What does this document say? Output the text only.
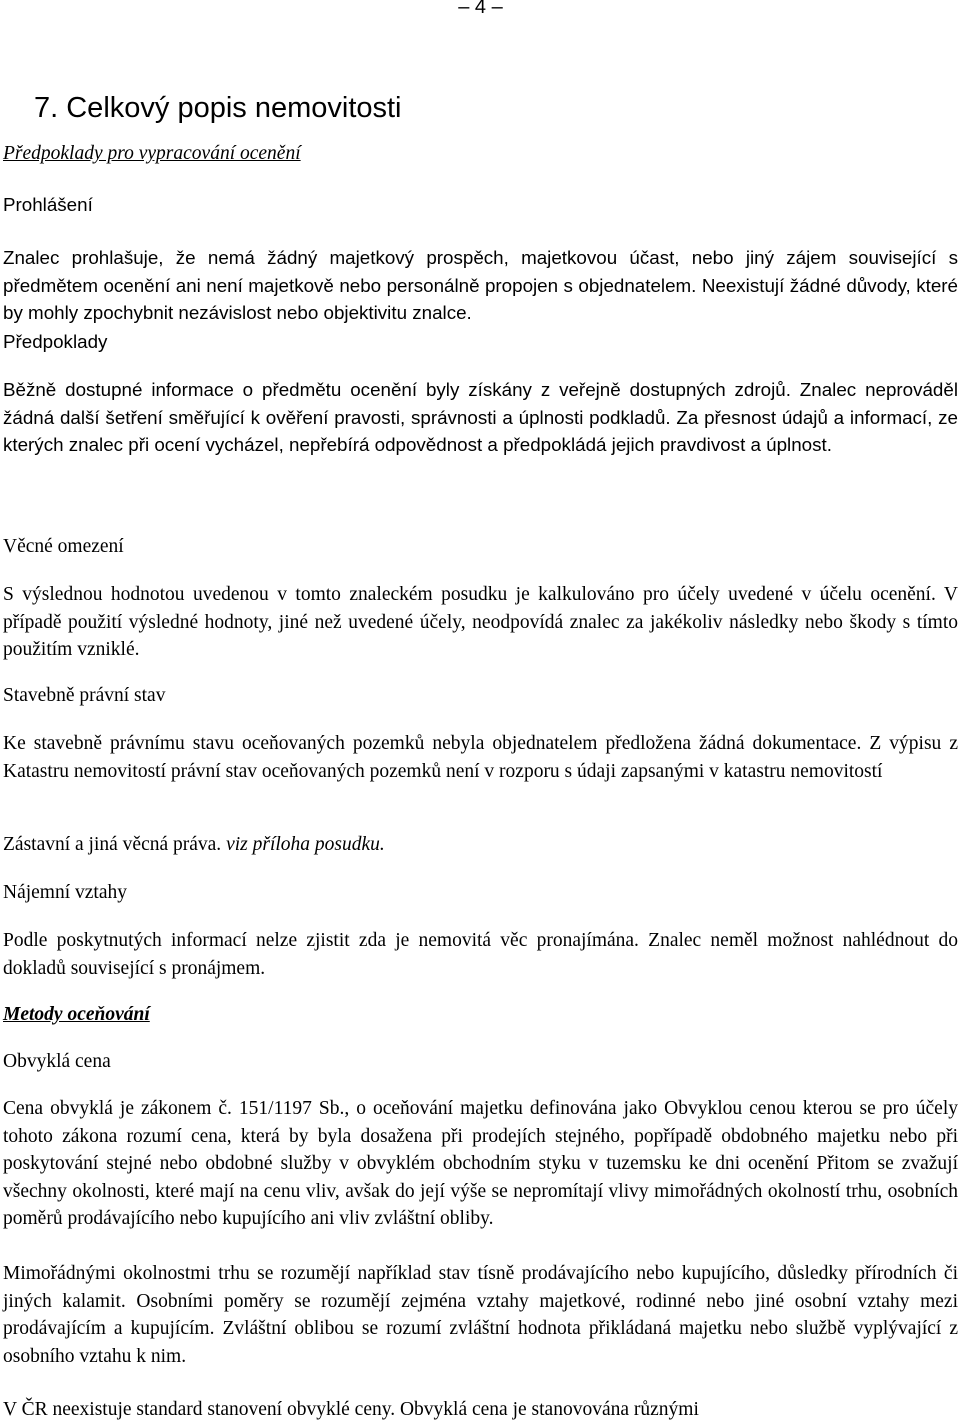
– 4 –
7. Celkový popis nemovitosti

Předpoklady pro vypracování ocenění

Prohlášení

Znalec prohlašuje, že nemá žádný majetkový prospěch, majetkovou účast, nebo jiný zájem související s předmětem ocenění ani není majetkově nebo personálně propojen s objednatelem. Neexistují žádné důvody, které by mohly zpochybnit nezávislost nebo objektivitu znalce.

Předpoklady

Běžně dostupné informace o předmětu ocenění byly získány z veřejně dostupných zdrojů. Znalec neprováděl žádná další šetření směřující k ověření pravosti, správnosti a úplnosti podkladů. Za přesnost údajů a informací, ze kterých znalec při ocení vycházel, nepřebírá odpovědnost a předpokládá jejich pravdivost a úplnost.

Věcné omezení

S výslednou hodnotou uvedenou v tomto znaleckém posudku je kalkulováno pro účely uvedené v účelu ocenění. V případě použití výsledné hodnoty, jiné než uvedené účely, neodpovídá znalec za jakékoliv následky nebo škody s tímto použitím vzniklé.

Stavebně právní stav

Ke stavebně právnímu stavu oceňovaných pozemků nebyla objednatelem předložena žádná dokumentace. Z výpisu z Katastru nemovitostí právní stav oceňovaných pozemků není v rozporu s údaji zapsanými v katastru nemovitostí

Zástavní a jiná věcná práva. viz příloha posudku.

Nájemní vztahy

Podle poskytnutých informací nelze zjistit zda je nemovitá věc pronajímána. Znalec neměl možnost nahlédnout do dokladů související s pronájmem.

Metody oceňování

Obvyklá cena

Cena obvyklá je zákonem č. 151/1197 Sb., o oceňování majetku definována jako Obvyklou cenou kterou se pro účely tohoto zákona rozumí cena, která by byla dosažena při prodejích stejného, popřípadě obdobného majetku nebo při poskytování stejné nebo obdobné služby v obvyklém obchodním styku v tuzemsku ke dni ocenění Přitom se zvažují všechny okolnosti, které mají na cenu vliv, avšak do její výše se nepromítají vlivy mimořádných okolností trhu, osobních poměrů prodávajícího nebo kupujícího ani vliv zvláštní obliby.

Mimořádnými okolnostmi trhu se rozumějí například stav tísně prodávajícího nebo kupujícího, důsledky přírodních či jiných kalamit. Osobními poměry se rozumějí zejména vztahy majetkové, rodinné nebo jiné osobní vztahy mezi prodávajícím a kupujícím. Zvláštní oblibou se rozumí zvláštní hodnota přikládaná majetku nebo službě vyplývající z osobního vztahu k nim.

V ČR neexistuje standard stanovení obvyklé ceny. Obvyklá cena je stanovována různými
